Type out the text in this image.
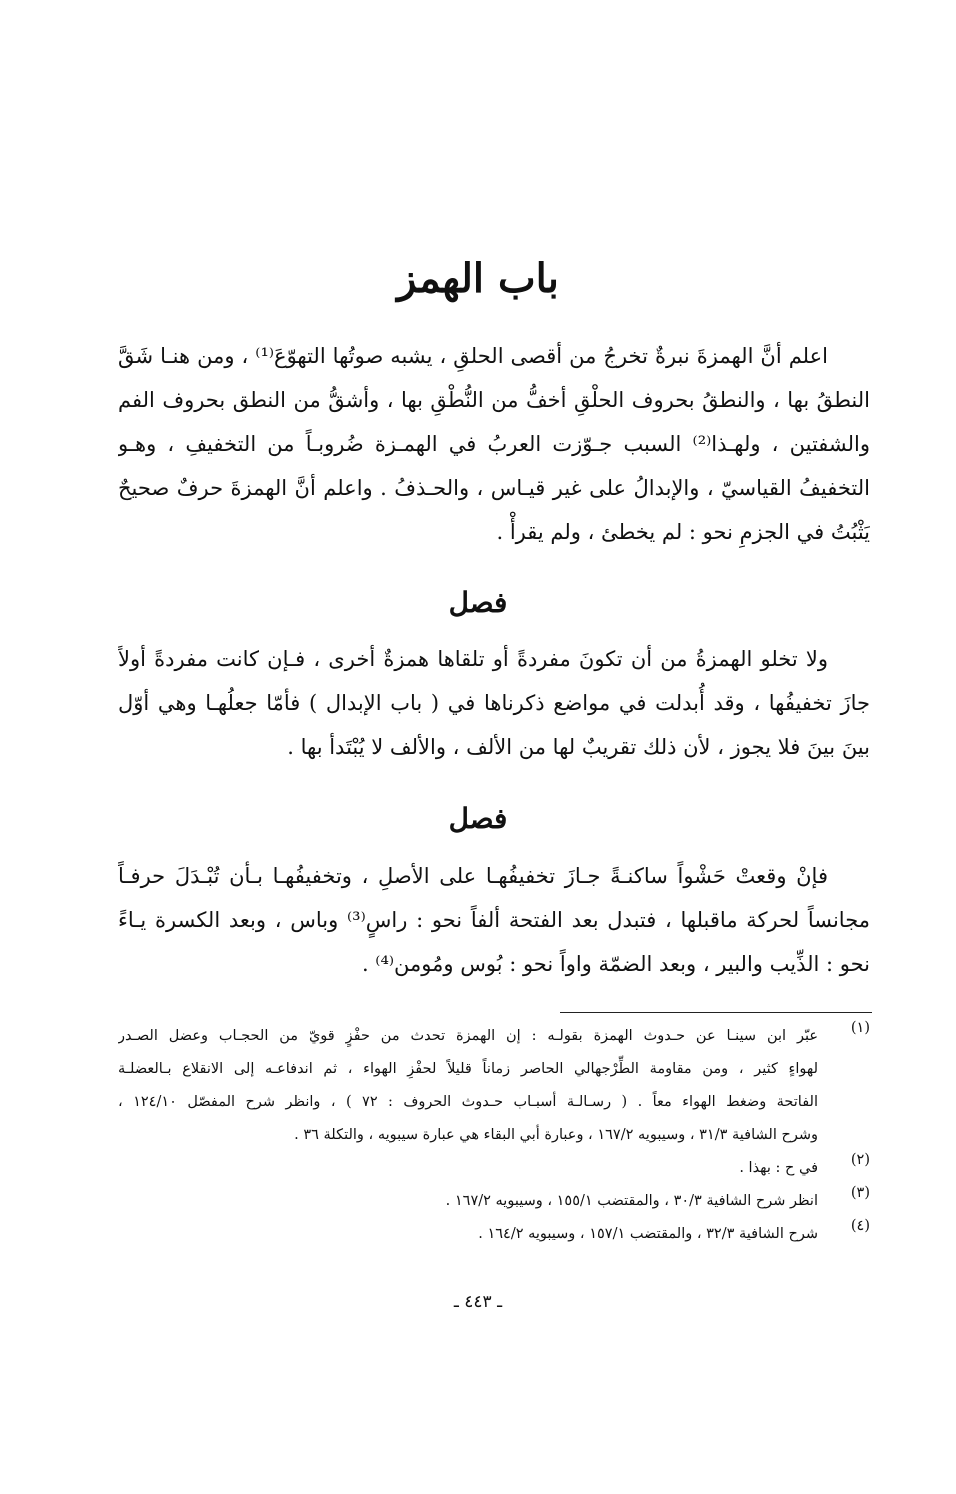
باب الهمز
اعلم أنَّ الهمزةَ نبرةٌ تخرجُ من أقصى الحلقِ ، يشبه صوتُها التهوّعَ⁽¹⁾ ، ومن هنـا شَقَّ
النطقُ بها ، والنطقُ بحروف الحلْقِ أخفُّ من النُّطْقِ بها ، وأشقُّ من النطق بحروف الفم
والشفتين ، ولهـذا⁽²⁾ السبب جـوّزت العربُ في الهمـزة ضُروبـاً من التخفيفِ ، وهـو
التخفيفُ القياسيّ ، والإبدالُ على غير قيـاس ، والحـذفُ . واعلم أنَّ الهمزةَ حرفٌ صحيحٌ
يَثْبُتُ في الجزمِ نحو : لم يخطئ ، ولم يقرأْ .
فصل
ولا تخلو الهمزةُ من أن تكونَ مفردةً أو تلقاها همزةٌ أخرى ، فـإن كانت مفردةً أولاً
جازَ تخفيفُها ، وقد أُبدلت في مواضع ذكرناها في ( باب الإبدال ) فأمّا جعلُهـا وهي أوّل
بينَ بينَ فلا يجوز ، لأن ذلك تقريبٌ لها من الألف ، والألف لا يُبْتَدأ بها .
فصل
فإنْ وقعتْ حَشْواً ساكنـةً جـازَ تخفيفُهـا على الأصلِ ، وتخفيفُهـا بـأن تُبْـدَلَ حرفـاً
مجانساً لحركة ماقبلها ، فتبدل بعد الفتحة ألفاً نحو : راسٍ⁽³⁾ وباس ، وبعد الكسرة يـاءً
نحو : الذِّيب والبير ، وبعد الضمّة واواً نحو : بُوس ومُومن⁽⁴⁾ .
(١)
عبّر ابن سينـا عن حـدوث الهمزة بقولـه : إن الهمزة تحدث من حفْزٍ قويّ من الحجـاب وعضل الصـدر
لهواءٍ كثير ، ومن مقاومة الطِّرْجهالي الحاصر زماناً قليلاً لحفْزِ الهواء ، ثم اندفاعـه إلى الانقلاع بـالعضلـة
الفاتحة وضغط الهواء معاً . ( رسـالـة أسبـاب حـدوث الحروف : ٧٢ ) ، وانظر شرح المفصّل ١٢٤/١٠ ،
وشرح الشافية ٣١/٣ ، وسيبويه ١٦٧/٢ ، وعبارة أبي البقاء هي عبارة سيبويه ، والتكلة ٣٦ .
(٢)
في ح : بهذا .
(٣)
انظر شرح الشافية ٣٠/٣ ، والمقتضب ١٥٥/١ ، وسيبويه ١٦٧/٢ .
(٤)
شرح الشافية ٣٢/٣ ، والمقتضب ١٥٧/١ ، وسيبويه ١٦٤/٢ .
ـ ٤٤٣ ـ
